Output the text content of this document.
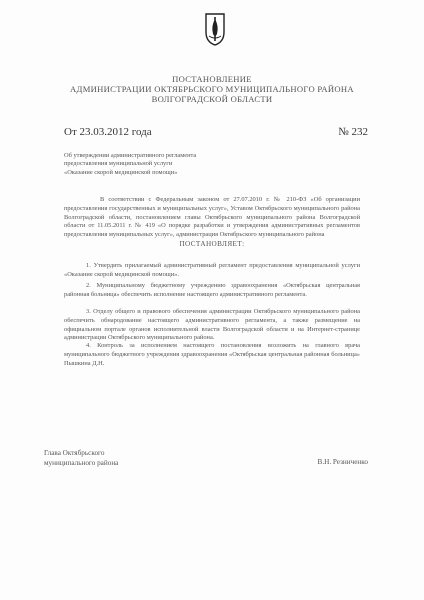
ПОСТАНОВЛЕНИЕ
АДМИНИСТРАЦИИ ОКТЯБРЬСКОГО МУНИЦИПАЛЬНОГО РАЙОНА
ВОЛГОГРАДСКОЙ ОБЛАСТИ
От 23.03.2012 года	№ 232
Об утверждении административного регламента предоставления муниципальной услуги «Оказание скорой медицинской помощи»
В соответствии с Федеральным законом от 27.07.2010 г. № 210-ФЗ «Об организации предоставления государственных и муниципальных услуг», Уставом Октябрьского муниципального района Волгоградской области, постановлением главы Октябрьского муниципального района Волгоградской области от 11.05.2011 г. № 419 «О порядке разработки и утверждения административных регламентов предоставления муниципальных услуг», администрация Октябрьского муниципального района
ПОСТАНОВЛЯЕТ:
1. Утвердить прилагаемый административный регламент предоставления муниципальной услуги «Оказание скорой медицинской помощи».
2. Муниципальному бюджетному учреждению здравоохранения «Октябрьская центральная районная больница» обеспечить исполнение настоящего административного регламента.
3. Отделу общего и правового обеспечения администрации Октябрьского муниципального района обеспечить обнародование настоящего административного регламента, а также размещение на официальном портале органов исполнительной власти Волгоградской области и на Интернет-странице администрации Октябрьского муниципального района.
4. Контроль за исполнением настоящего постановления возложить на главного врача муниципального бюджетного учреждения здравоохранения «Октябрьская центральная районная больница» Пышкина Д.Н.
Глава Октябрьского
муниципального района	В.Н. Резниченко
